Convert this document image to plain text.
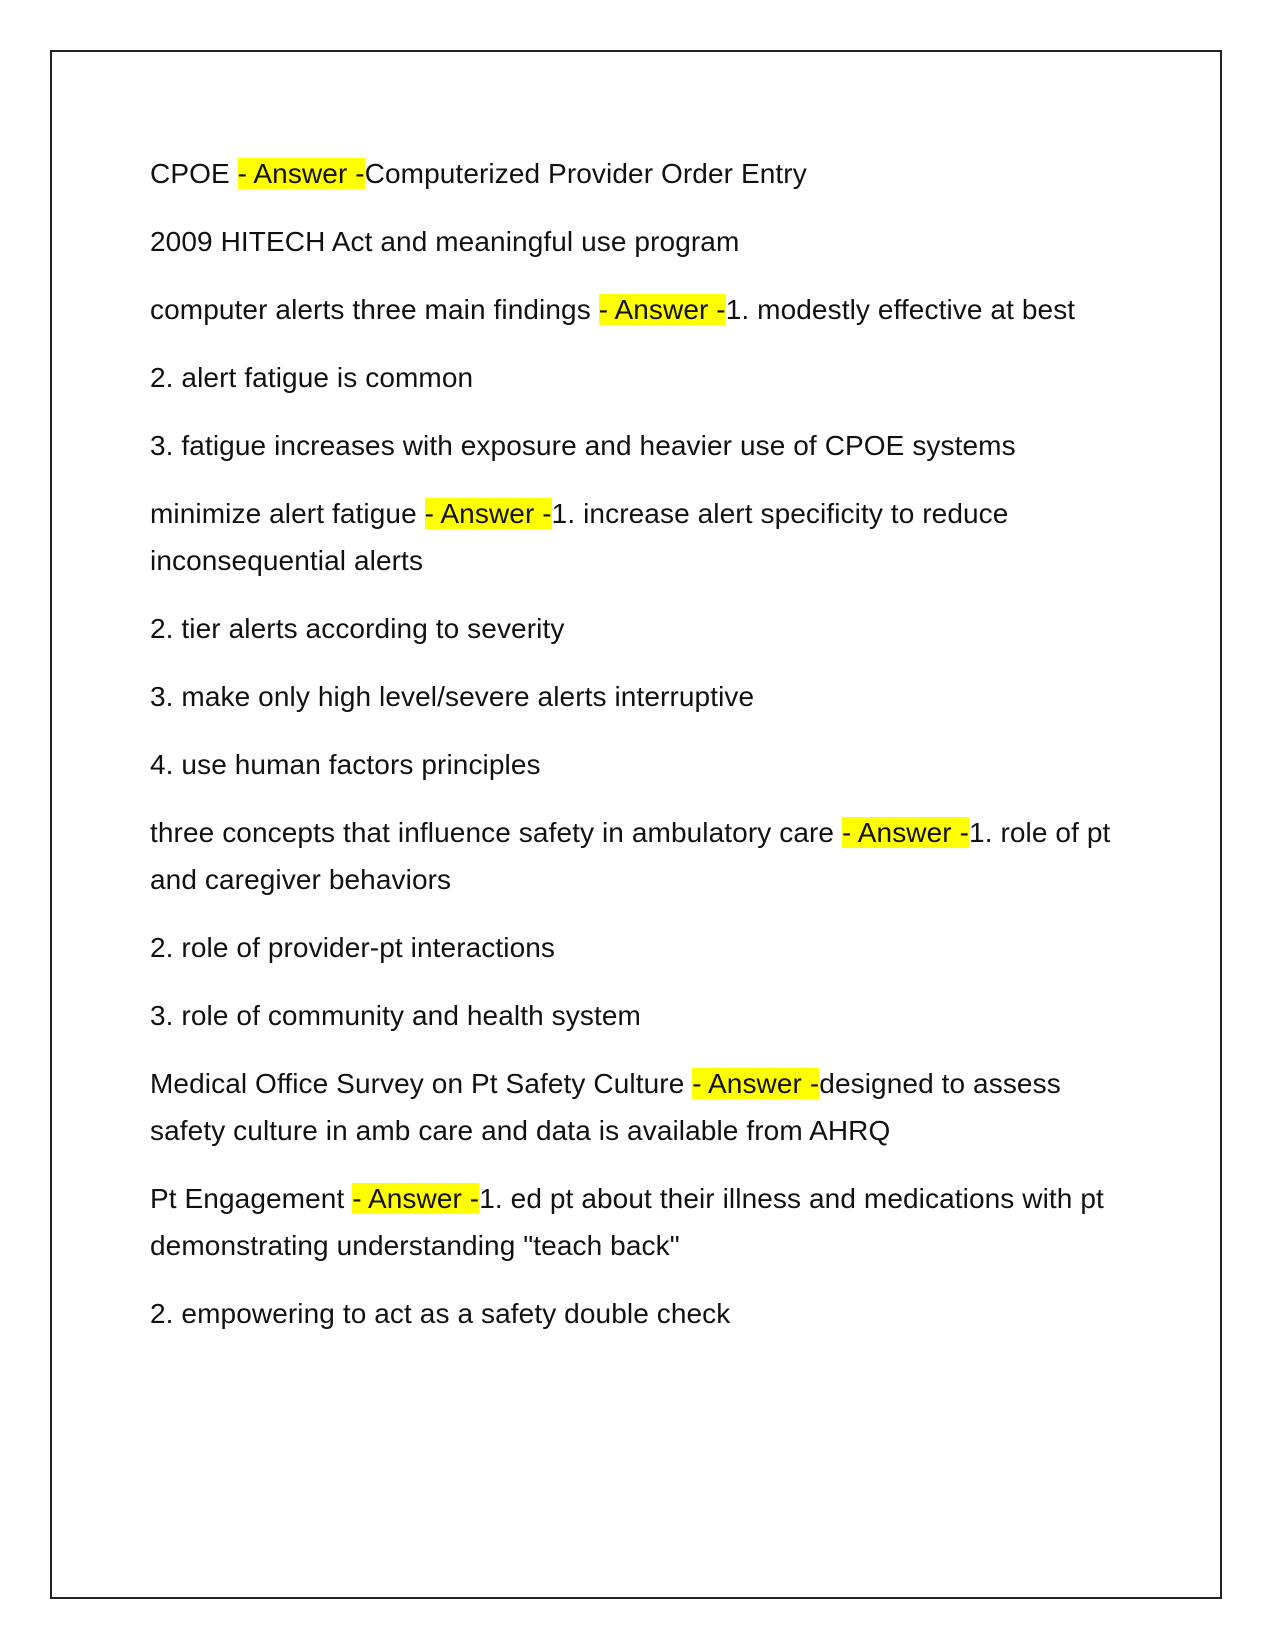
CPOE - Answer -Computerized Provider Order Entry

2009 HITECH Act and meaningful use program

computer alerts three main findings - Answer -1. modestly effective at best

2. alert fatigue is common

3. fatigue increases with exposure and heavier use of CPOE systems

minimize alert fatigue - Answer -1. increase alert specificity to reduce inconsequential alerts

2. tier alerts according to severity

3. make only high level/severe alerts interruptive

4. use human factors principles

three concepts that influence safety in ambulatory care - Answer -1. role of pt and caregiver behaviors

2. role of provider-pt interactions

3. role of community and health system

Medical Office Survey on Pt Safety Culture - Answer -designed to assess safety culture in amb care and data is available from AHRQ

Pt Engagement - Answer -1. ed pt about their illness and medications with pt demonstrating understanding "teach back"

2. empowering to act as a safety double check
